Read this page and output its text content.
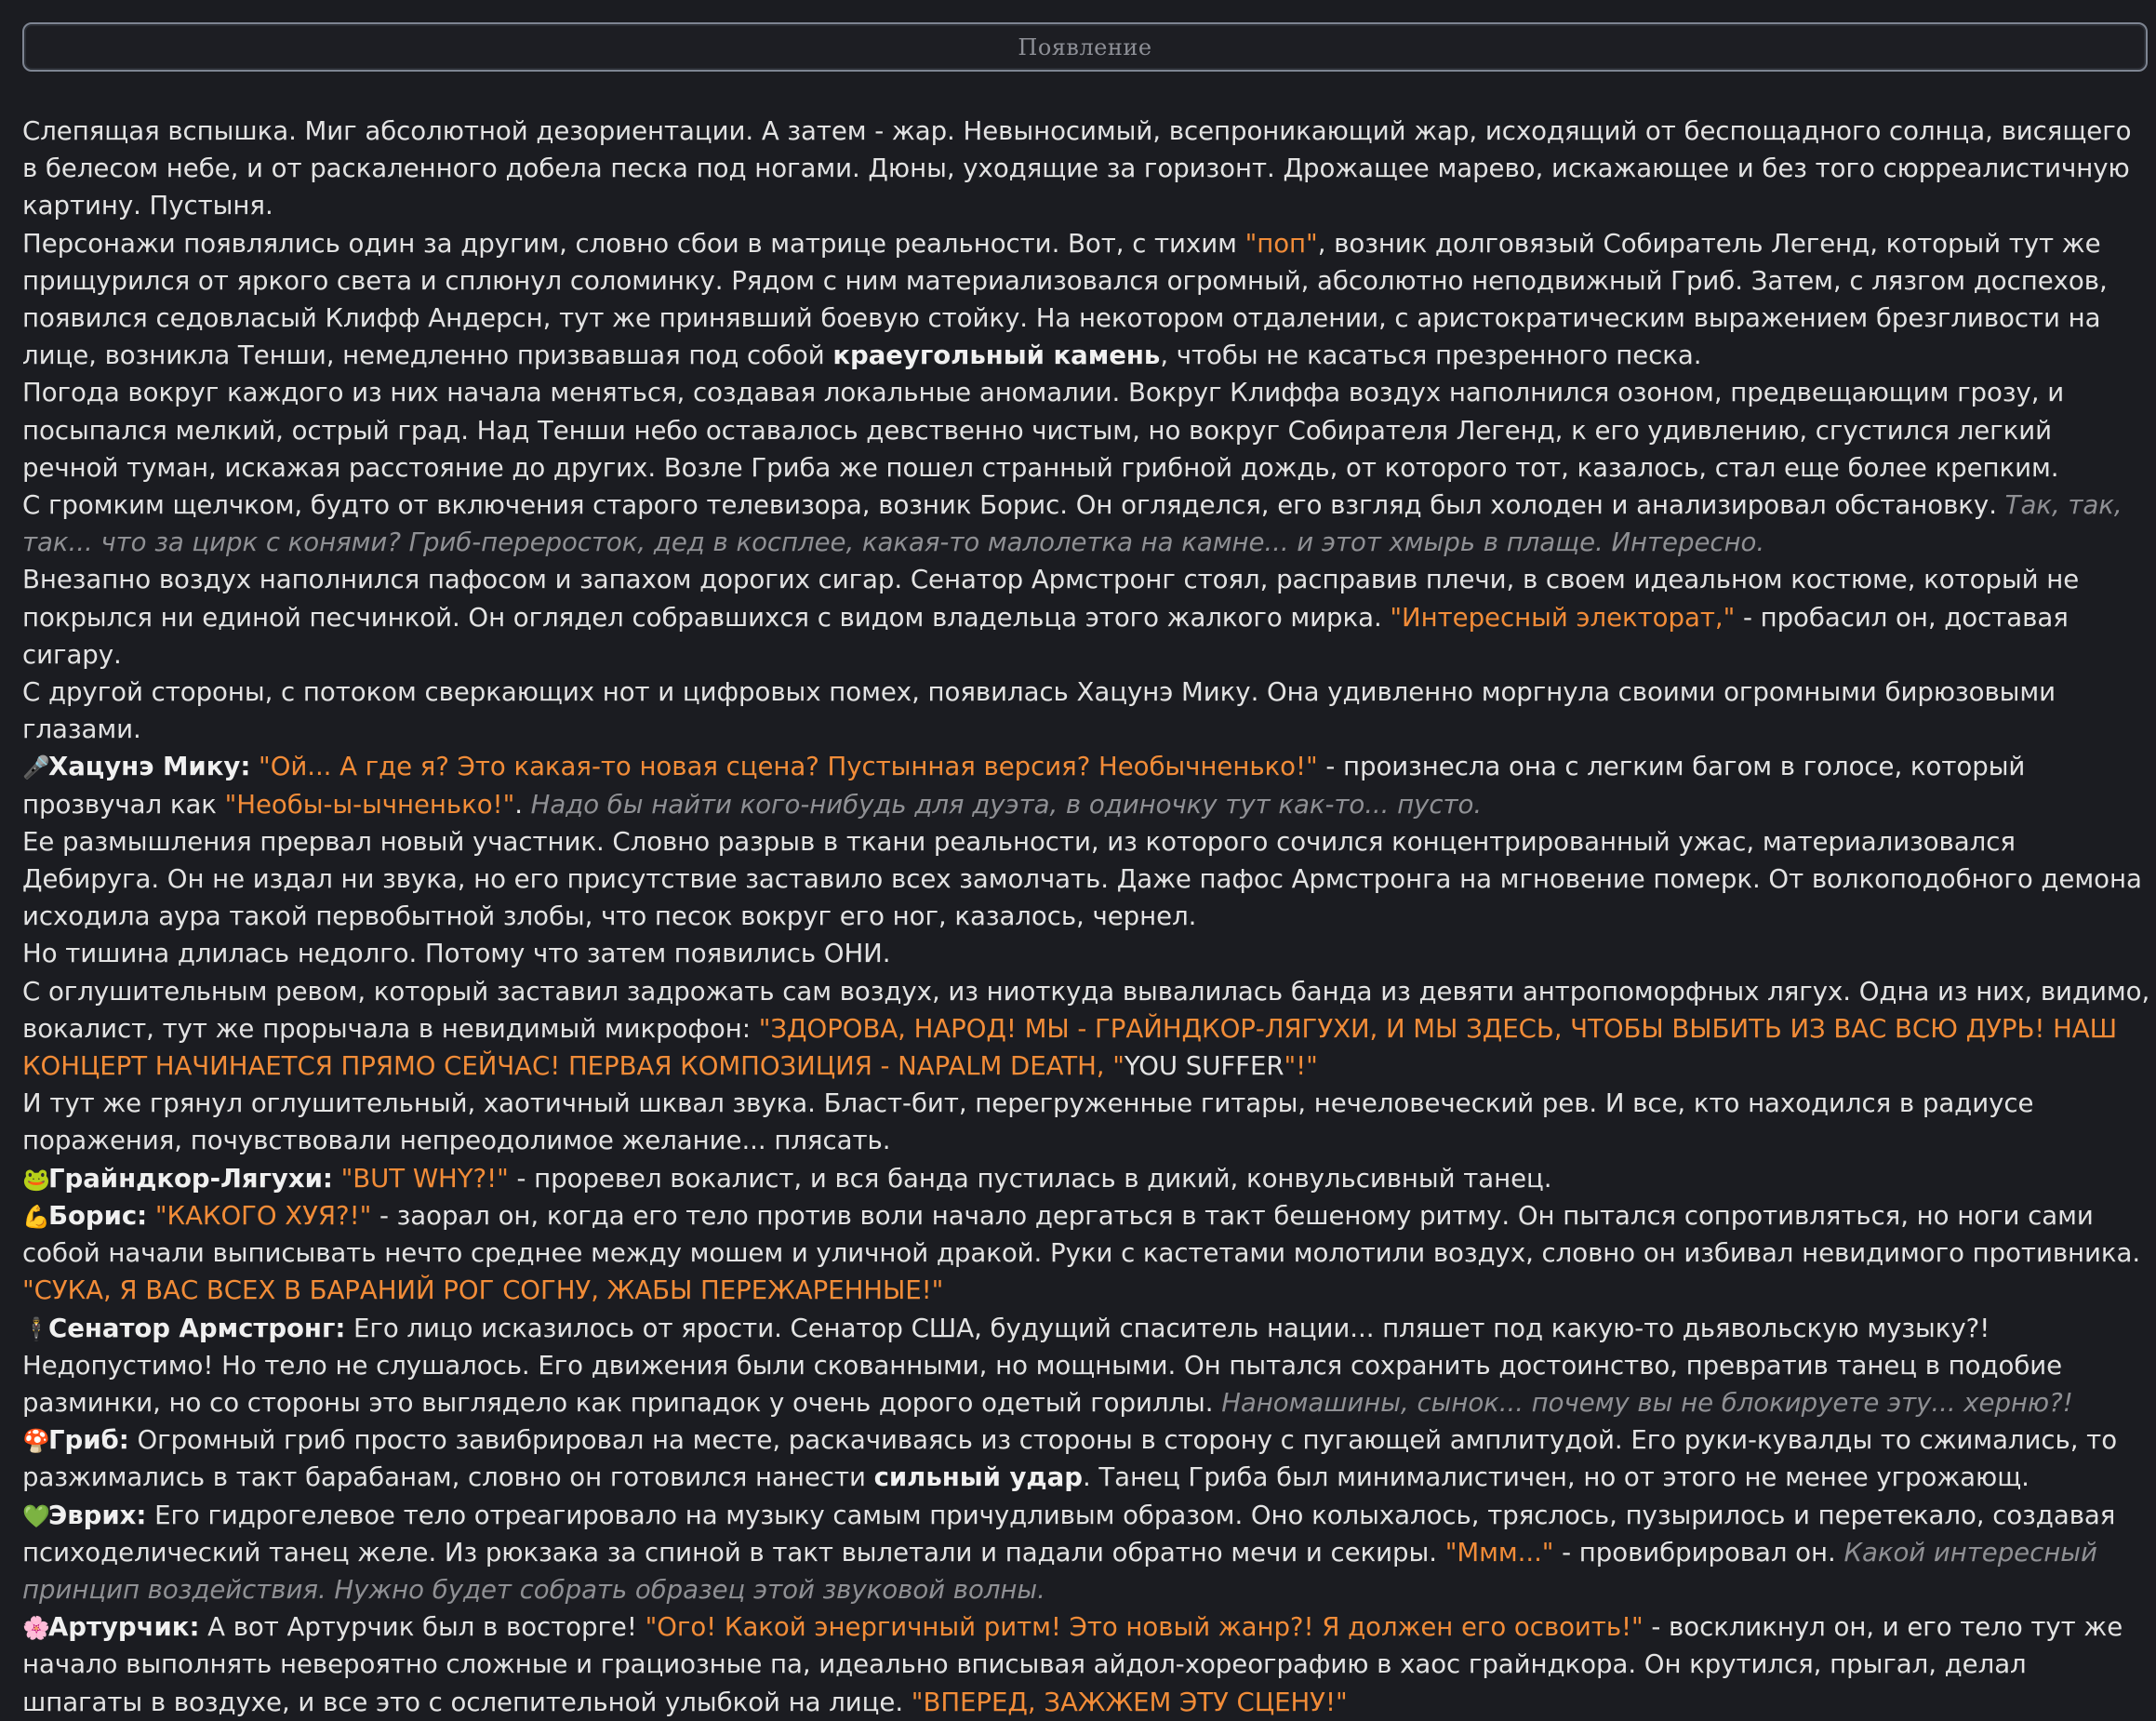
Появление

Слепящая вспышка. Миг абсолютной дезориентации. А затем - жар. Невыносимый, всепроникающий жар, исходящий от беспощадного солнца, висящего в белесом небе, и от раскаленного добела песка под ногами. Дюны, уходящие за горизонт. Дрожащее марево, искажающее и без того сюрреалистичную картину. Пустыня.

Персонажи появлялись один за другим, словно сбои в матрице реальности. Вот, с тихим "поп", возник долговязый Собиратель Легенд, который тут же прищурился от яркого света и сплюнул соломинку. Рядом с ним материализовался огромный, абсолютно неподвижный Гриб. Затем, с лязгом доспехов, появился седовласый Клифф Андерсн, тут же принявший боевую стойку. На некотором отдалении, с аристократическим выражением брезгливости на лице, возникла Тенши, немедленно призвавшая под собой краеугольный камень, чтобы не касаться презренного песка.

Погода вокруг каждого из них начала меняться, создавая локальные аномалии. Вокруг Клиффа воздух наполнился озоном, предвещающим грозу, и посыпался мелкий, острый град. Над Тенши небо оставалось девственно чистым, но вокруг Собирателя Легенд, к его удивлению, сгустился легкий речной туман, искажая расстояние до других. Возле Гриба же пошел странный грибной дождь, от которого тот, казалось, стал еще более крепким.

С громким щелчком, будто от включения старого телевизора, возник Борис. Он огляделся, его взгляд был холоден и анализировал обстановку. Так, так, так... что за цирк с конями? Гриб-переросток, дед в косплее, какая-то малолетка на камне... и этот хмырь в плаще. Интересно.

Внезапно воздух наполнился пафосом и запахом дорогих сигар. Сенатор Армстронг стоял, расправив плечи, в своем идеальном костюме, который не покрылся ни единой песчинкой. Он оглядел собравшихся с видом владельца этого жалкого мирка. "Интересный электорат," - пробасил он, доставая сигару.

С другой стороны, с потоком сверкающих нот и цифровых помех, появилась Хацунэ Мику. Она удивленно моргнула своими огромными бирюзовыми глазами.

🎤Хацунэ Мику: "Ой... А где я? Это какая-то новая сцена? Пустынная версия? Необычненько!" - произнесла она с легким багом в голосе, который прозвучал как "Необы-ы-ычненько!". Надо бы найти кого-нибудь для дуэта, в одиночку тут как-то... пусто.

Ее размышления прервал новый участник. Словно разрыв в ткани реальности, из которого сочился концентрированный ужас, материализовался Дебируга. Он не издал ни звука, но его присутствие заставило всех замолчать. Даже пафос Армстронга на мгновение померк. От волкоподобного демона исходила аура такой первобытной злобы, что песок вокруг его ног, казалось, чернел.

Но тишина длилась недолго. Потому что затем появились ОНИ.

С оглушительным ревом, который заставил задрожать сам воздух, из ниоткуда вывалилась банда из девяти антропоморфных лягух. Одна из них, видимо, вокалист, тут же прорычала в невидимый микрофон: "ЗДОРОВА, НАРОД! МЫ - ГРАЙНДКОР-ЛЯГУХИ, И МЫ ЗДЕСЬ, ЧТОБЫ ВЫБИТЬ ИЗ ВАС ВСЮ ДУРЬ! НАШ КОНЦЕРТ НАЧИНАЕТСЯ ПРЯМО СЕЙЧАС! ПЕРВАЯ КОМПОЗИЦИЯ - NAPALM DEATH, "YOU SUFFER"!"

И тут же грянул оглушительный, хаотичный шквал звука. Бласт-бит, перегруженные гитары, нечеловеческий рев. И все, кто находился в радиусе поражения, почувствовали непреодолимое желание... плясать.

🐸Грайндкор-Лягухи: "BUT WHY?!" - проревел вокалист, и вся банда пустилась в дикий, конвульсивный танец.

💪Борис: "КАКОГО ХУЯ?!" - заорал он, когда его тело против воли начало дергаться в такт бешеному ритму. Он пытался сопротивляться, но ноги сами собой начали выписывать нечто среднее между мошем и уличной дракой. Руки с кастетами молотили воздух, словно он избивал невидимого противника. "СУКА, Я ВАС ВСЕХ В БАРАНИЙ РОГ СОГНУ, ЖАБЫ ПЕРЕЖАРЕННЫЕ!"

🕴Сенатор Армстронг: Его лицо исказилось от ярости. Сенатор США, будущий спаситель нации... пляшет под какую-то дьявольскую музыку?! Недопустимо! Но тело не слушалось. Его движения были скованными, но мощными. Он пытался сохранить достоинство, превратив танец в подобие разминки, но со стороны это выглядело как припадок у очень дорого одетый гориллы. Наномашины, сынок... почему вы не блокируете эту... херню?!

🍄Гриб: Огромный гриб просто завибрировал на месте, раскачиваясь из стороны в сторону с пугающей амплитудой. Его руки-кувалды то сжимались, то разжимались в такт барабанам, словно он готовился нанести сильный удар. Танец Гриба был минималистичен, но от этого не менее угрожающ.

💚Эврих: Его гидрогелевое тело отреагировало на музыку самым причудливым образом. Оно колыхалось, тряслось, пузырилось и перетекало, создавая психоделический танец желе. Из рюкзака за спиной в такт вылетали и падали обратно мечи и секиры. "Ммм..." - провибрировал он. Какой интересный принцип воздействия. Нужно будет собрать образец этой звуковой волны.

🌸Артурчик: А вот Артурчик был в восторге! "Ого! Какой энергичный ритм! Это новый жанр?! Я должен его освоить!" - воскликнул он, и его тело тут же начало выполнять невероятно сложные и грациозные па, идеально вписывая айдол-хореографию в хаос грайндкора. Он крутился, прыгал, делал шпагаты в воздухе, и все это с ослепительной улыбкой на лице. "ВПЕРЕД, ЗАЖЖЕМ ЭТУ СЦЕНУ!"
